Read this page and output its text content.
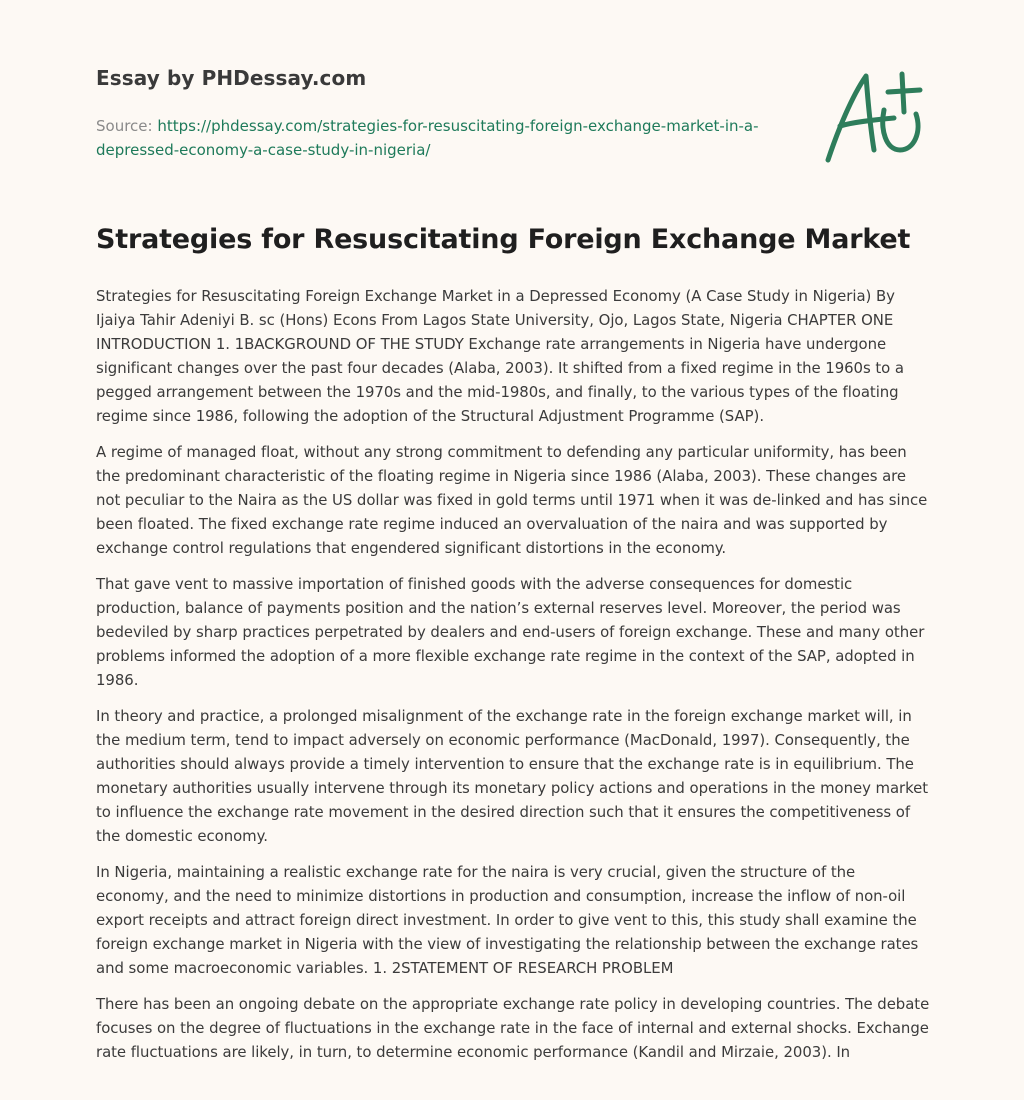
Essay by PHDessay.com
Source: https://phdessay.com/strategies-for-resuscitating-foreign-exchange-market-in-a-depressed-economy-a-case-study-in-nigeria/
Strategies for Resuscitating Foreign Exchange Market

Strategies for Resuscitating Foreign Exchange Market in a Depressed Economy (A Case Study in Nigeria) By Ijaiya Tahir Adeniyi B. sc (Hons) Econs From Lagos State University, Ojo, Lagos State, Nigeria CHAPTER ONE INTRODUCTION 1. 1BACKGROUND OF THE STUDY Exchange rate arrangements in Nigeria have undergone significant changes over the past four decades (Alaba, 2003). It shifted from a fixed regime in the 1960s to a pegged arrangement between the 1970s and the mid-1980s, and finally, to the various types of the floating regime since 1986, following the adoption of the Structural Adjustment Programme (SAP).

A regime of managed float, without any strong commitment to defending any particular uniformity, has been the predominant characteristic of the floating regime in Nigeria since 1986 (Alaba, 2003). These changes are not peculiar to the Naira as the US dollar was fixed in gold terms until 1971 when it was de-linked and has since been floated. The fixed exchange rate regime induced an overvaluation of the naira and was supported by exchange control regulations that engendered significant distortions in the economy.

That gave vent to massive importation of finished goods with the adverse consequences for domestic production, balance of payments position and the nation’s external reserves level. Moreover, the period was bedeviled by sharp practices perpetrated by dealers and end-users of foreign exchange. These and many other problems informed the adoption of a more flexible exchange rate regime in the context of the SAP, adopted in 1986.

In theory and practice, a prolonged misalignment of the exchange rate in the foreign exchange market will, in the medium term, tend to impact adversely on economic performance (MacDonald, 1997). Consequently, the authorities should always provide a timely intervention to ensure that the exchange rate is in equilibrium. The monetary authorities usually intervene through its monetary policy actions and operations in the money market to influence the exchange rate movement in the desired direction such that it ensures the competitiveness of the domestic economy.

In Nigeria, maintaining a realistic exchange rate for the naira is very crucial, given the structure of the economy, and the need to minimize distortions in production and consumption, increase the inflow of non-oil export receipts and attract foreign direct investment. In order to give vent to this, this study shall examine the foreign exchange market in Nigeria with the view of investigating the relationship between the exchange rates and some macroeconomic variables. 1. 2STATEMENT OF RESEARCH PROBLEM

There has been an ongoing debate on the appropriate exchange rate policy in developing countries. The debate focuses on the degree of fluctuations in the exchange rate in the face of internal and external shocks. Exchange rate fluctuations are likely, in turn, to determine economic performance (Kandil and Mirzaie, 2003). In
